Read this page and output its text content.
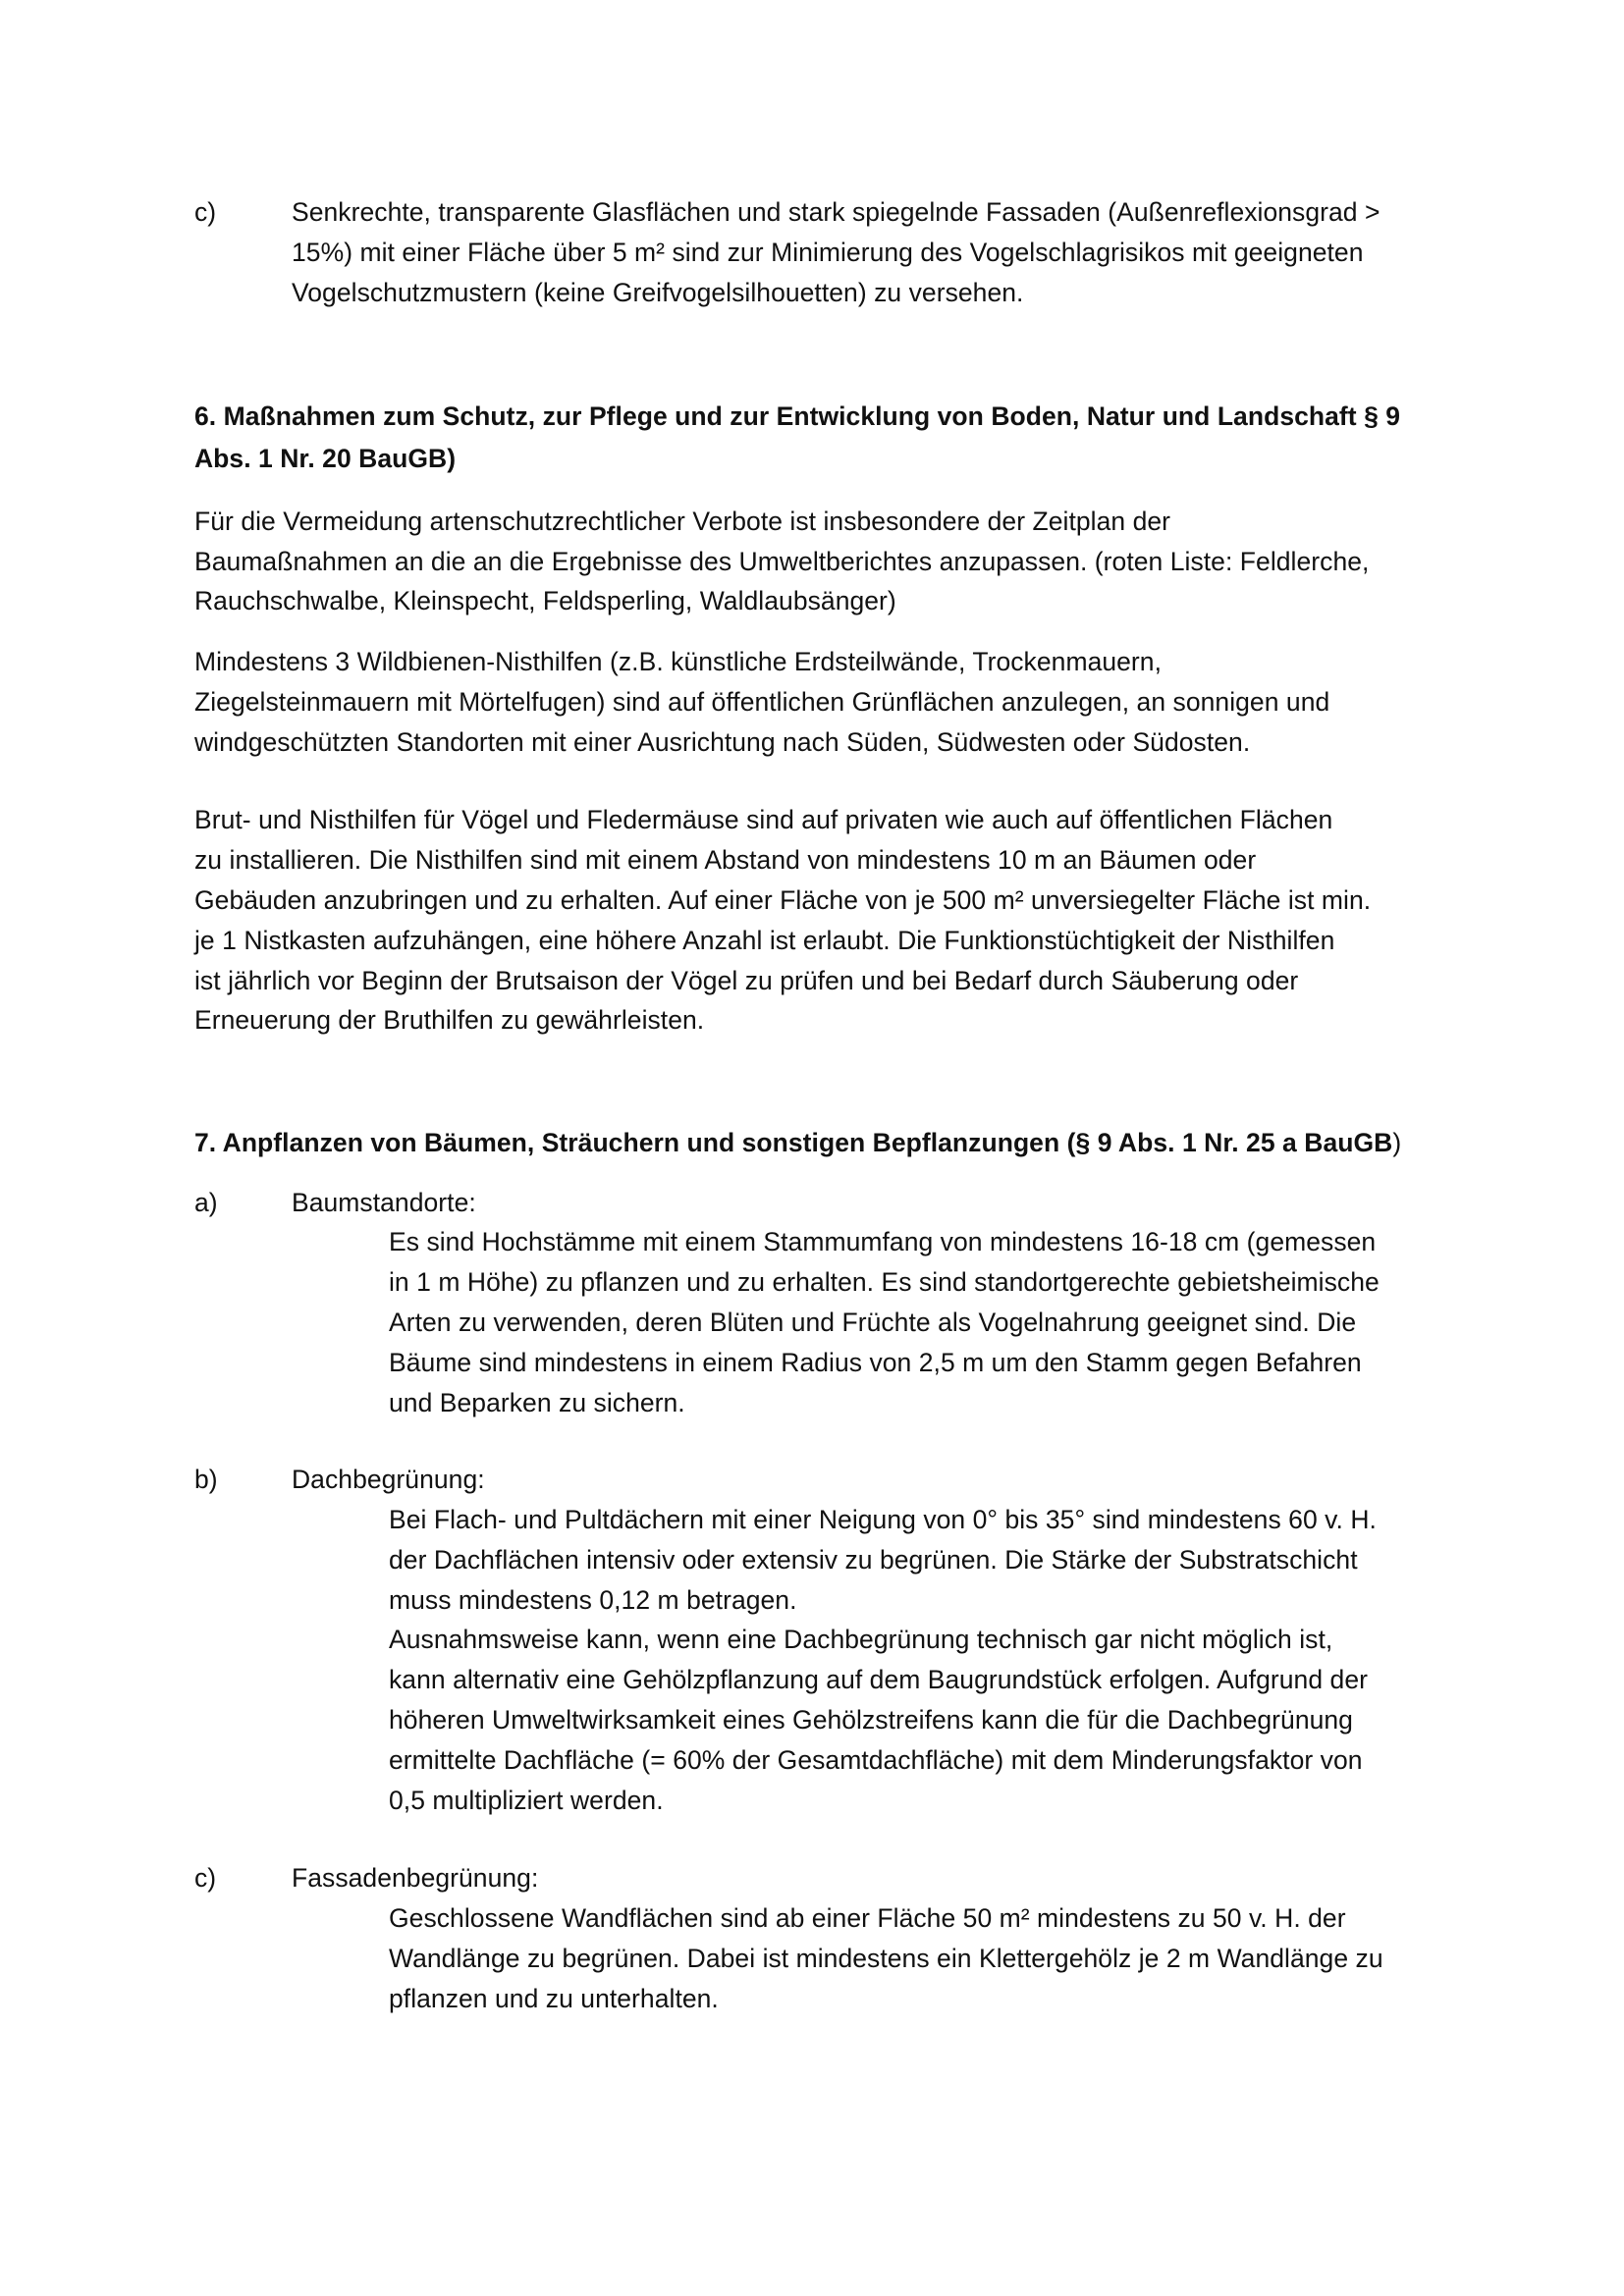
c)	Senkrechte, transparente Glasflächen und stark spiegelnde Fassaden (Außenreflexionsgrad >
15%) mit einer Fläche über 5 m² sind zur Minimierung des Vogelschlagrisikos mit geeigneten
Vogelschutzmustern (keine Greifvogelsilhouetten) zu versehen.
6. Maßnahmen zum Schutz, zur Pflege und zur Entwicklung von Boden, Natur und Landschaft § 9
Abs. 1 Nr. 20 BauGB)
Für die Vermeidung artenschutzrechtlicher Verbote ist insbesondere der Zeitplan der
Baumaßnahmen an die an die Ergebnisse des Umweltberichtes anzupassen. (roten Liste: Feldlerche,
Rauchschwalbe, Kleinspecht, Feldsperling, Waldlaubsänger)
Mindestens 3 Wildbienen-Nisthilfen (z.B. künstliche Erdsteilwände, Trockenmauern,
Ziegelsteinmauern mit Mörtelfugen) sind auf öffentlichen Grünflächen anzulegen, an sonnigen und
windgeschützten Standorten mit einer Ausrichtung nach Süden, Südwesten oder Südosten.
Brut- und Nisthilfen für Vögel und Fledermäuse sind auf privaten wie auch auf öffentlichen Flächen
zu installieren. Die Nisthilfen sind mit einem Abstand von mindestens 10 m an Bäumen oder
Gebäuden anzubringen und zu erhalten. Auf einer Fläche von je 500 m² unversiegelter Fläche ist min.
je 1 Nistkasten aufzuhängen, eine höhere Anzahl ist erlaubt. Die Funktionstüchtigkeit der Nisthilfen
ist jährlich vor Beginn der Brutsaison der Vögel zu prüfen und bei Bedarf durch Säuberung oder
Erneuerung der Bruthilfen zu gewährleisten.
7. Anpflanzen von Bäumen, Sträuchern und sonstigen Bepflanzungen (§ 9 Abs. 1 Nr. 25 a BauGB)
a)	Baumstandorte:
Es sind Hochstämme mit einem Stammumfang von mindestens 16-18 cm (gemessen
in 1 m Höhe) zu pflanzen und zu erhalten. Es sind standortgerechte gebietsheimische
Arten zu verwenden, deren Blüten und Früchte als Vogelnahrung geeignet sind. Die
Bäume sind mindestens in einem Radius von 2,5 m um den Stamm gegen Befahren
und Beparken zu sichern.
b)	Dachbegrünung:
Bei Flach- und Pultdächern mit einer Neigung von 0° bis 35° sind mindestens 60 v. H.
der Dachflächen intensiv oder extensiv zu begrünen. Die Stärke der Substratschicht
muss mindestens 0,12 m betragen.
Ausnahmsweise kann, wenn eine Dachbegrünung technisch gar nicht möglich ist,
kann alternativ eine Gehölzpflanzung auf dem Baugrundstück erfolgen. Aufgrund der
höheren Umweltwirksamkeit eines Gehölzstreifens kann die für die Dachbegrünung
ermittelte Dachfläche (= 60% der Gesamtdachfläche) mit dem Minderungsfaktor von
0,5 multipliziert werden.
c)	Fassadenbegrünung:
Geschlossene Wandflächen sind ab einer Fläche 50 m² mindestens zu 50 v. H. der
Wandlänge zu begrünen. Dabei ist mindestens ein Klettergehölz je 2 m Wandlänge zu
pflanzen und zu unterhalten.
